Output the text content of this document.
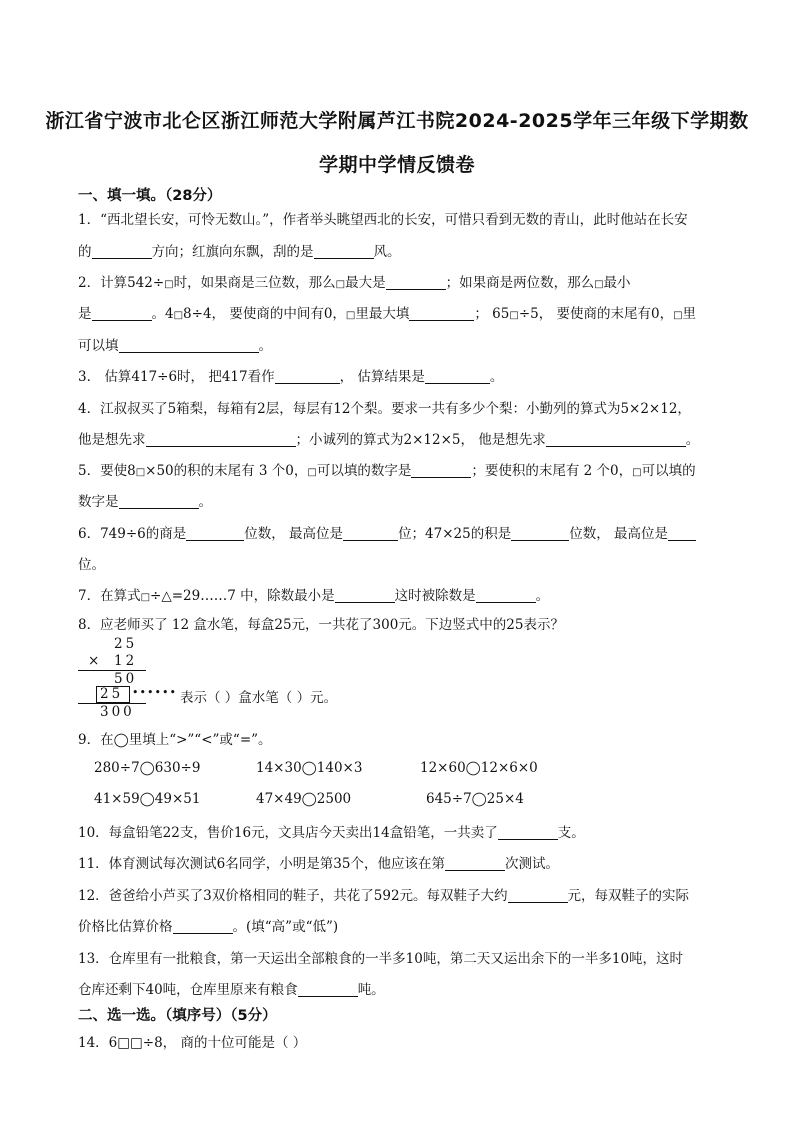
浙江省宁波市北仑区浙江师范大学附属芦江书院2024-2025学年三年级下学期数
学期中学情反馈卷
一、填一填。（28分）
1．“西北望长安，可怜无数山。”，作者举头眺望西北的长安，可惜只看到无数的青山，此时他站在长安
的	方向；红旗向东飘，刮的是	风。
2．计算542÷□时，如果商是三位数，那么□最大是	；如果商是两位数，那么□最小
是	。4□8÷4， 要使商的中间有0，□里最大填	； 65□÷5， 要使商的末尾有0，□里
可以填	。
3． 估算417÷6时， 把417看作	， 估算结果是	。
4．江叔叔买了5箱梨，每箱有2层，每层有12个梨。要求一共有多少个梨：小勤列的算式为5×2×12，
他是想先求	；小诚列的算式为2×12×5， 他是想先求	。
5．要使8□×50的积的末尾有 3 个0，□可以填的数字是	；要使积的末尾有 2 个0，□可以填的
数字是	。
6．749÷6的商是	位数， 最高位是	位；47×25的积是	位数， 最高位是
位。
7．在算式□÷△=29……7 中，除数最小是	这时被除数是	。
8．应老师买了 12 盒水笔，每盒25元，一共花了300元。下边竖式中的25表示？
25
× 12
50
25 •••••• 表示（ ）盒水笔（ ）元。
300
9．在◯里填上“>”“<”或“=”。
280÷7◯630÷9	14×30◯140×3	12×60◯12×6×0
41×59◯49×51	47×49◯2500	645÷7◯25×4
10．每盒铅笔22支，售价16元，文具店今天卖出14盒铅笔，一共卖了	支。
11．体育测试每次测试6名同学，小明是第35个，他应该在第	次测试。
12．爸爸给小芦买了3双价格相同的鞋子，共花了592元。每双鞋子大约	元，每双鞋子的实际
价格比估算价格	。(填“高”或“低”)
13．仓库里有一批粮食，第一天运出全部粮食的一半多10吨，第二天又运出余下的一半多10吨，这时
仓库还剩下40吨，仓库里原来有粮食	吨。
二、选一选。（填序号）（5分）
14．6□□÷8， 商的十位可能是（ ）
